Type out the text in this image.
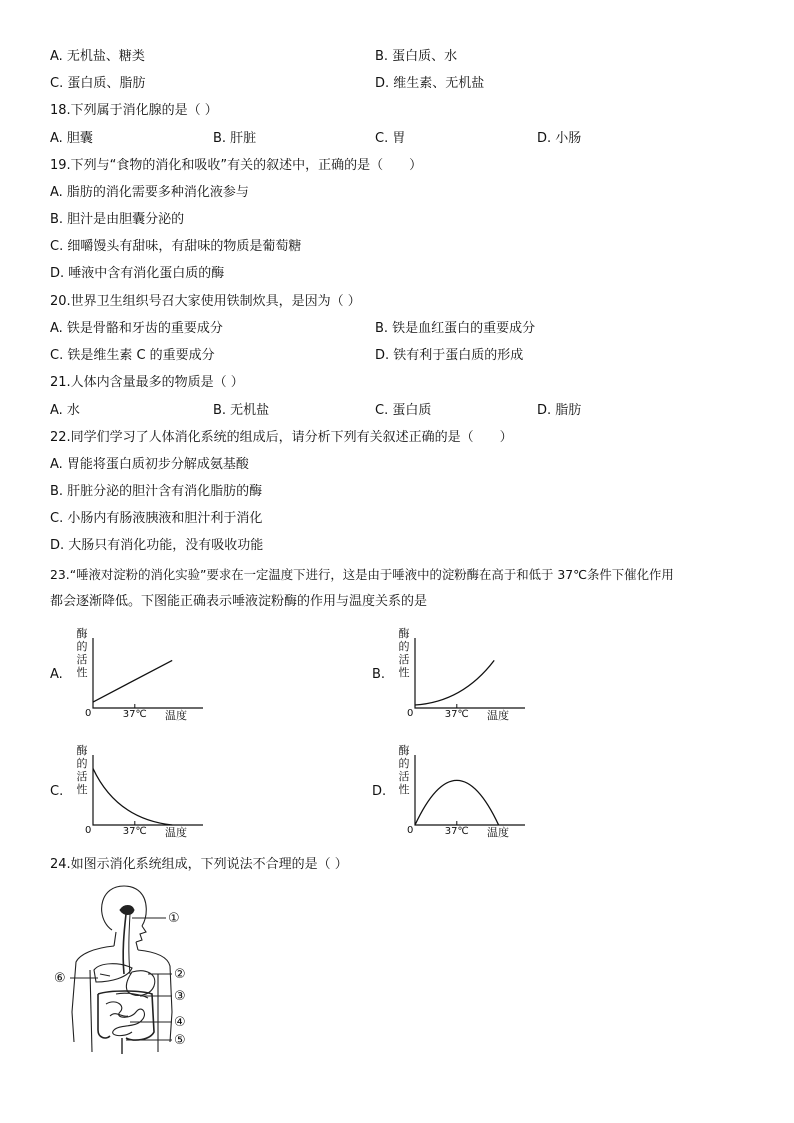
A. 无机盐、糖类	B. 蛋白质、水
C. 蛋白质、脂肪	D. 维生素、无机盐
18.下列属于消化腺的是（ ）
A. 胆囊	B. 肝脏	C. 胃	D. 小肠
19.下列与“食物的消化和吸收”有关的叙述中，正确的是（　　）
A. 脂肪的消化需要多种消化液参与
B. 胆汁是由胆囊分泌的
C. 细嚼馒头有甜味，有甜味的物质是葡萄糖
D. 唾液中含有消化蛋白质的酶
20.世界卫生组织号召大家使用铁制炊具，是因为（ ）
A. 铁是骨骼和牙齿的重要成分	B. 铁是血红蛋白的重要成分
C. 铁是维生素 C 的重要成分	D. 铁有利于蛋白质的形成
21.人体内含量最多的物质是（ ）
A. 水	B. 无机盐	C. 蛋白质	D. 脂肪
22.同学们学习了人体消化系统的组成后，请分析下列有关叙述正确的是（　　）
A. 胃能将蛋白质初步分解成氨基酸
B. 肝脏分泌的胆汁含有消化脂肪的酶
C. 小肠内有肠液胰液和胆汁利于消化
D. 大肠只有消化功能，没有吸收功能
23.“唾液对淀粉的消化实验”要求在一定温度下进行，这是由于唾液中的淀粉酶在高于和低于 37℃条件下催化作用
都会逐渐降低。下图能正确表示唾液淀粉酶的作用与温度关系的是
A.
酶
的
活
性
0	37℃ 温度
B.
酶
的
活
性
0	37℃ 温度
C.
酶
的
活
性
0	37℃ 温度
D.
酶
的
活
性
0	37℃ 温度
24.如图示消化系统组成，下列说法不合理的是（ ）
①
②
③
④
⑤
⑥
